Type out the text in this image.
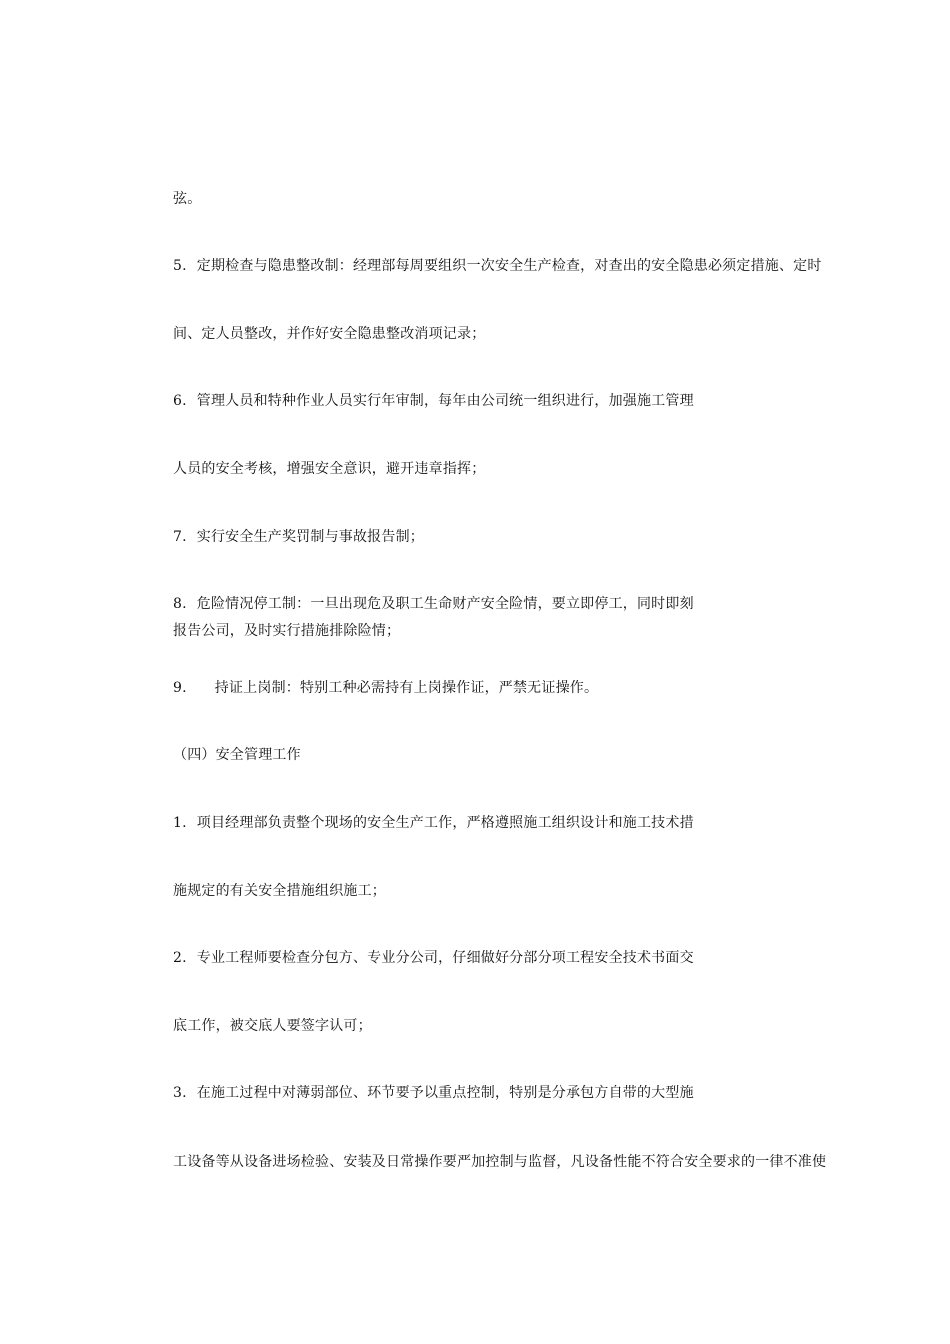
弦。
5. 定期检查与隐患整改制：经理部每周要组织一次安全生产检查，对查出的安全隐患必须定措施、定时
间、定人员整改，并作好安全隐患整改消项记录；
6. 管理人员和特种作业人员实行年审制，每年由公司统一组织进行，加强施工管理
人员的安全考核，增强安全意识，避开违章指挥；
7. 实行安全生产奖罚制与事故报告制；
8. 危险情况停工制：一旦出现危及职工生命财产安全险情，要立即停工，同时即刻
报告公司，及时实行措施排除险情；
9. 持证上岗制：特别工种必需持有上岗操作证，严禁无证操作。
（四）安全管理工作
1. 项目经理部负责整个现场的安全生产工作，严格遵照施工组织设计和施工技术措
施规定的有关安全措施组织施工；
2. 专业工程师要检查分包方、专业分公司，仔细做好分部分项工程安全技术书面交
底工作，被交底人要签字认可；
3. 在施工过程中对薄弱部位、环节要予以重点控制，特别是分承包方自带的大型施
工设备等从设备进场检验、安装及日常操作要严加控制与监督，凡设备性能不符合安全要求的一律不准使
